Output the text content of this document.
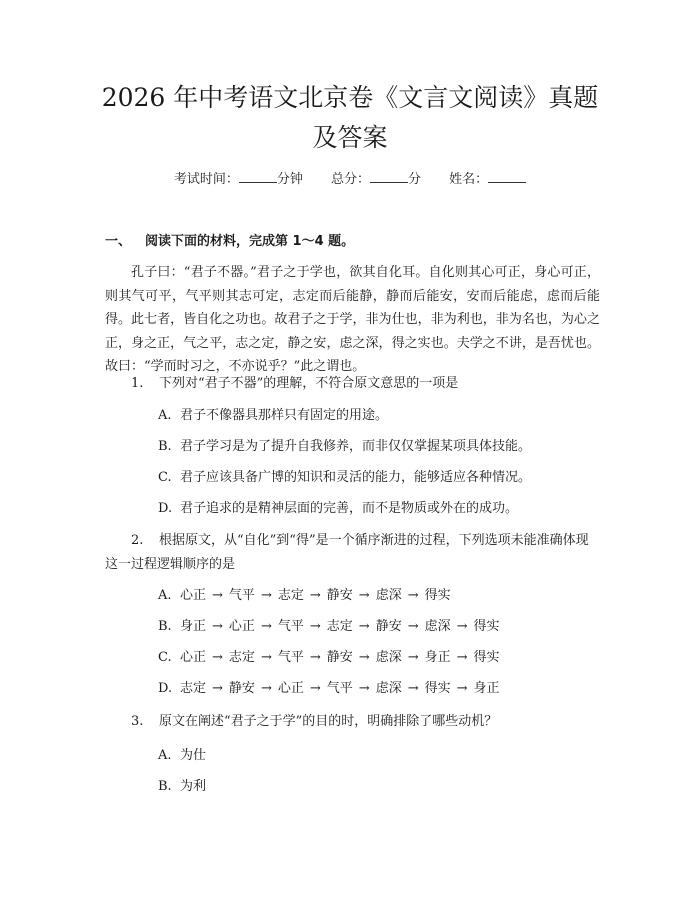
2026 年中考语文北京卷《文言文阅读》真题
及答案
考试时间：	分钟 总分：	分 姓名：
一、 阅读下面的材料，完成第 1～4 题。
孔子曰：“君子不器。”君子之于学也，欲其自化耳。自化则其心可正，身心可正，则其气可平，气平则其志可定，志定而后能静，静而后能安，安而后能虑，虑而后能得。此七者，皆自化之功也。故君子之于学，非为仕也，非为利也，非为名也，为心之正，身之正，气之平，志之定，静之安，虑之深，得之实也。夫学之不讲，是吾忧也。故曰：“学而时习之，不亦说乎？”此之谓也。
1. 下列对“君子不器”的理解，不符合原文意思的一项是
A. 君子不像器具那样只有固定的用途。
B. 君子学习是为了提升自我修养，而非仅仅掌握某项具体技能。
C. 君子应该具备广博的知识和灵活的能力，能够适应各种情况。
D. 君子追求的是精神层面的完善，而不是物质或外在的成功。
2. 根据原文，从“自化”到“得”是一个循序渐进的过程，下列选项未能准确体现这一过程逻辑顺序的是
A. 心正 → 气平 → 志定 → 静安 → 虑深 → 得实
B. 身正 → 心正 → 气平 → 志定 → 静安 → 虑深 → 得实
C. 心正 → 志定 → 气平 → 静安 → 虑深 → 身正 → 得实
D. 志定 → 静安 → 心正 → 气平 → 虑深 → 得实 → 身正
3. 原文在阐述“君子之于学”的目的时，明确排除了哪些动机？
A. 为仕
B. 为利
